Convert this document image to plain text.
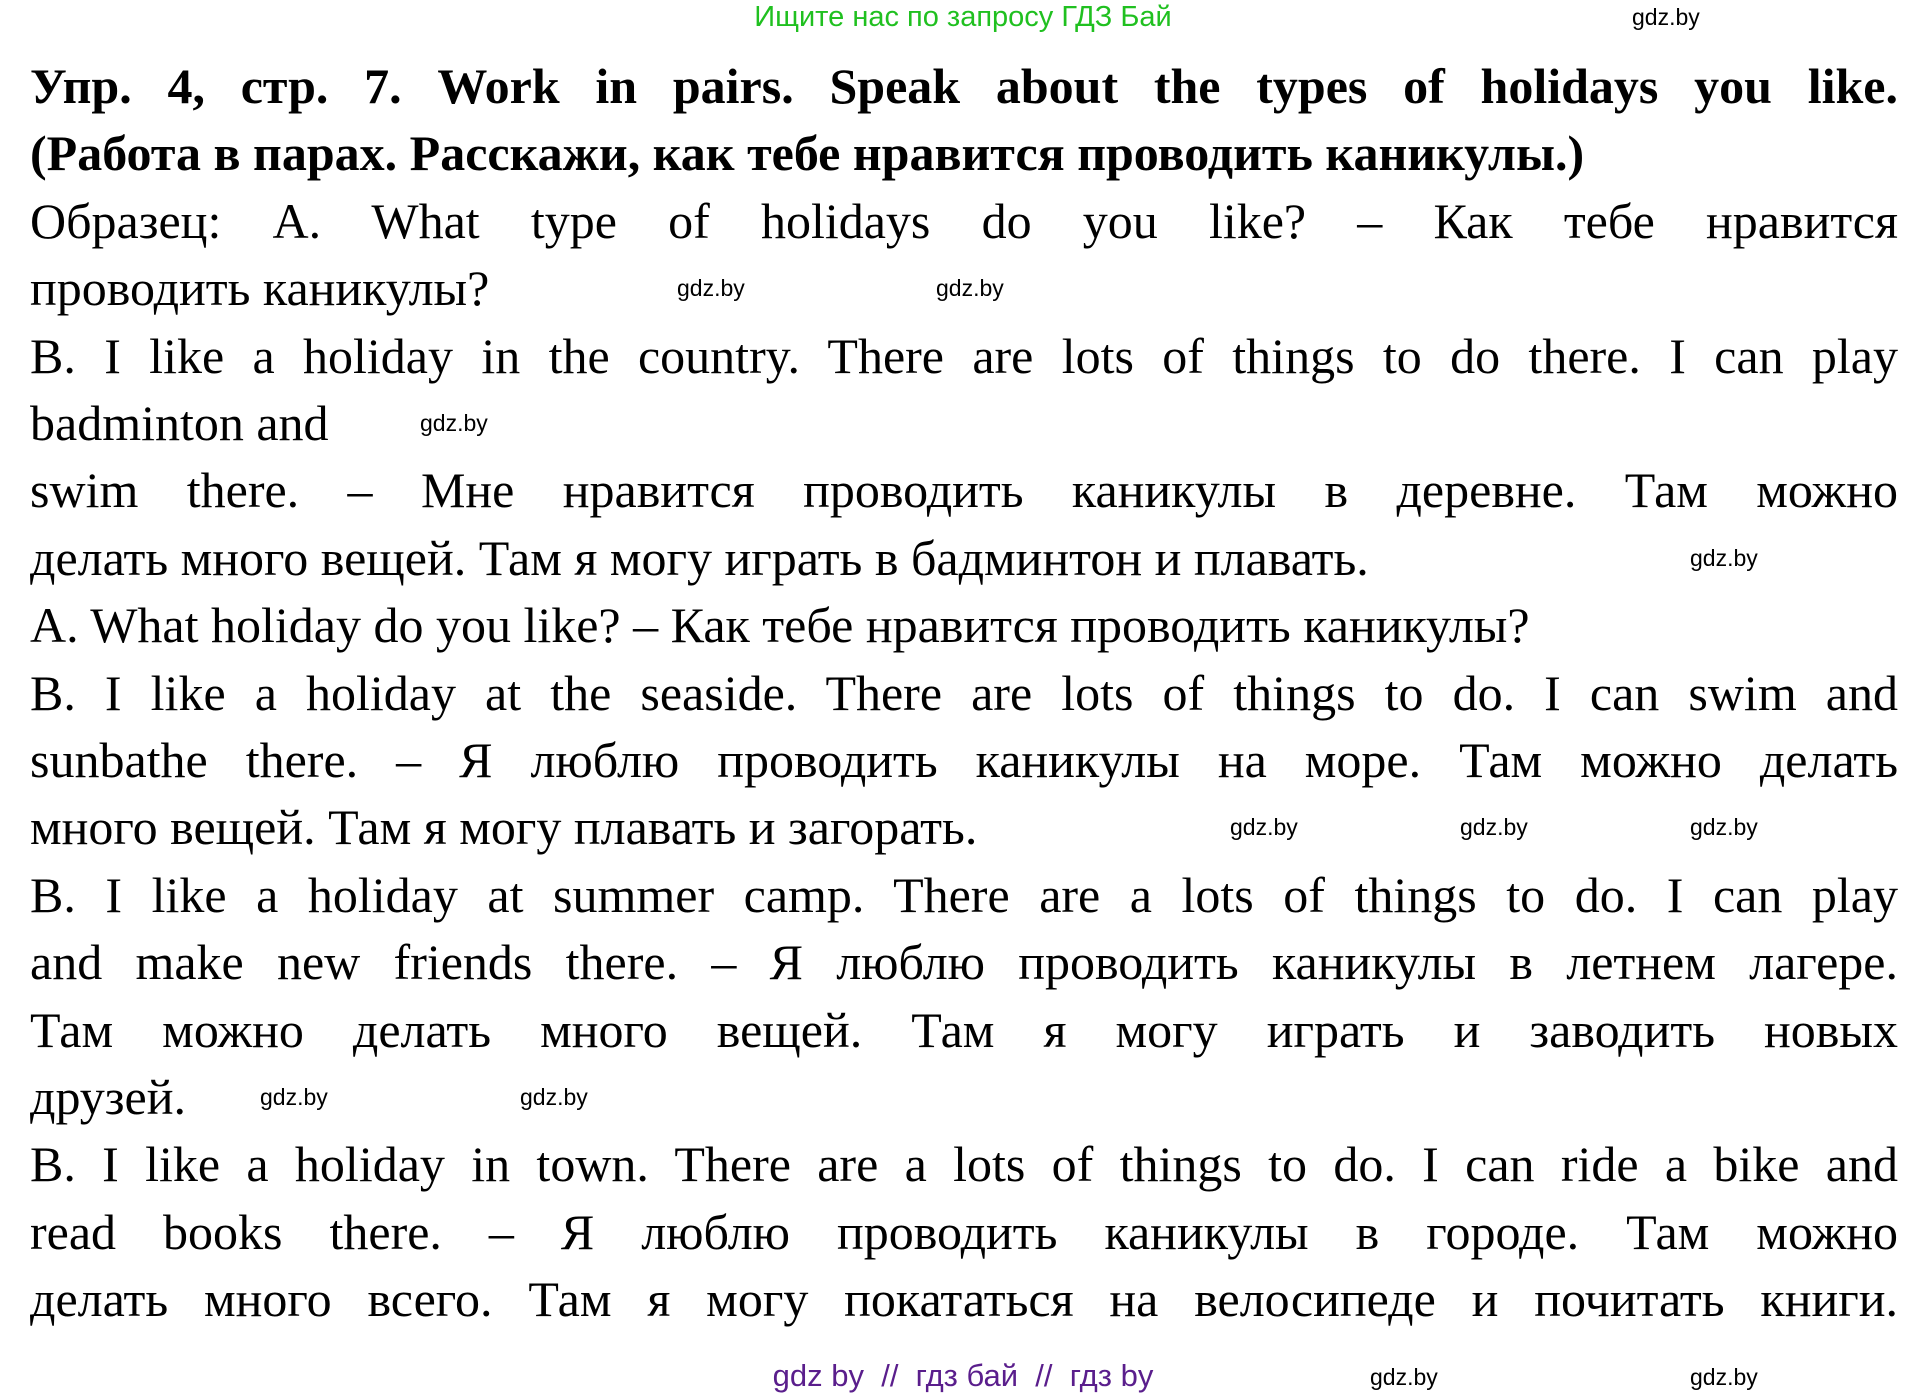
Ищите нас по запросу ГДЗ Бай
Упр. 4, стр. 7. Work in pairs. Speak about the types of holidays you like.
(Работа в парах. Расскажи, как тебе нравится проводить каникулы.)
Образец: A. What type of holidays do you like? – Как тебе нравится
проводить каникулы?
B. I like a holiday in the country. There are lots of things to do there. I can play
badminton and
swim there. – Мне нравится проводить каникулы в деревне. Там можно
делать много вещей. Там я могу играть в бадминтон и плавать.
A. What holiday do you like? – Как тебе нравится проводить каникулы?
B. I like a holiday at the seaside. There are lots of things to do. I can swim and
sunbathe there. – Я люблю проводить каникулы на море. Там можно делать
много вещей. Там я могу плавать и загорать.
B. I like a holiday at summer camp. There are a lots of things to do. I can play
and make new friends there. – Я люблю проводить каникулы в летнем лагере.
Там можно делать много вещей. Там я могу играть и заводить новых
друзей.
B. I like a holiday in town. There are a lots of things to do. I can ride a bike and
read books there. – Я люблю проводить каникулы в городе. Там можно
делать много всего. Там я могу покататься на велосипеде и почитать книги.
gdz.by
gdz.by	gdz.by
gdz.by
gdz.by
gdz.by	gdz.by	gdz.by
gdz.by
gdz.by
gdz.by	gdz.by
gdz by  //  гдз бай  //  гдз by
